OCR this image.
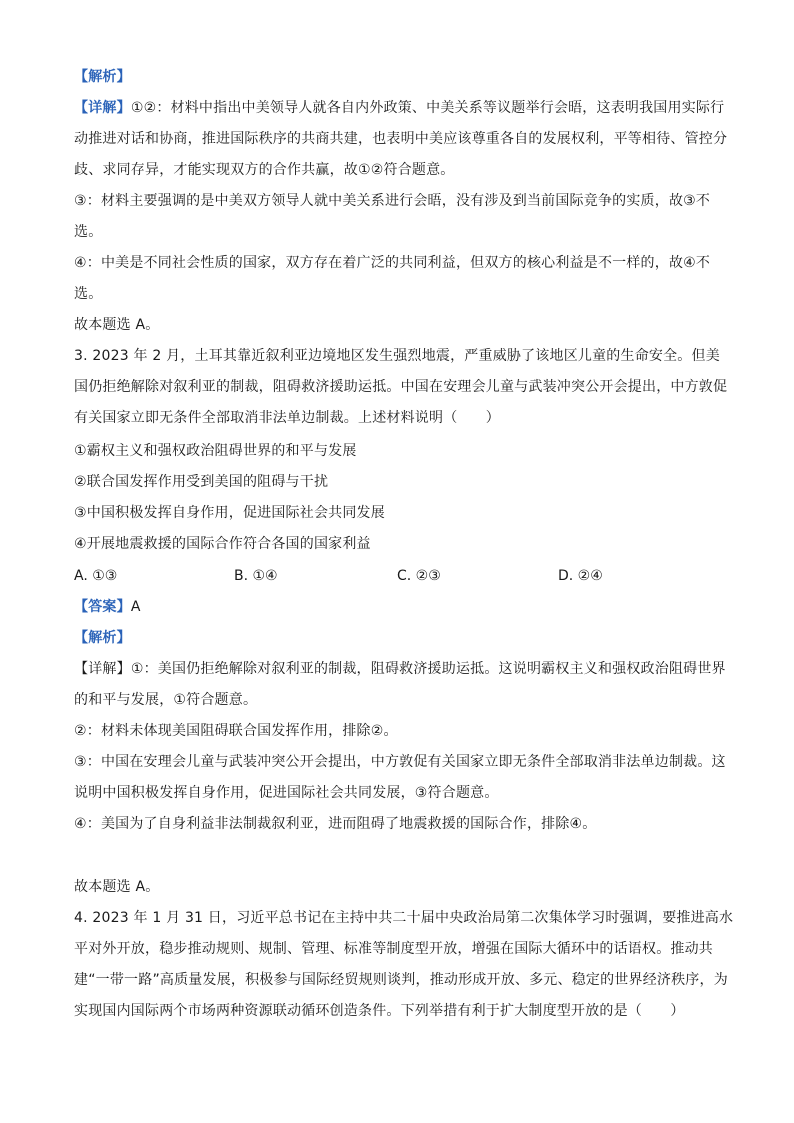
【解析】
【详解】①②：材料中指出中美领导人就各自内外政策、中美关系等议题举行会晤，这表明我国用实际行动推进对话和协商，推进国际秩序的共商共建，也表明中美应该尊重各自的发展权利，平等相待、管控分歧、求同存异，才能实现双方的合作共赢，故①②符合题意。
③：材料主要强调的是中美双方领导人就中美关系进行会晤，没有涉及到当前国际竞争的实质，故③不选。
④：中美是不同社会性质的国家，双方存在着广泛的共同利益，但双方的核心利益是不一样的，故④不选。
故本题选 A。
3. 2023 年 2 月，土耳其靠近叙利亚边境地区发生强烈地震，严重威胁了该地区儿童的生命安全。但美国仍拒绝解除对叙利亚的制裁，阻碍救济援助运抵。中国在安理会儿童与武装冲突公开会提出，中方敦促有关国家立即无条件全部取消非法单边制裁。上述材料说明（　　）
①霸权主义和强权政治阻碍世界的和平与发展
②联合国发挥作用受到美国的阻碍与干扰
③中国积极发挥自身作用，促进国际社会共同发展
④开展地震救援的国际合作符合各国的国家利益
A. ①③	B. ①④	C. ②③	D. ②④
【答案】A
【解析】
【详解】①：美国仍拒绝解除对叙利亚的制裁，阻碍救济援助运抵。这说明霸权主义和强权政治阻碍世界的和平与发展，①符合题意。
②：材料未体现美国阻碍联合国发挥作用，排除②。
③：中国在安理会儿童与武装冲突公开会提出，中方敦促有关国家立即无条件全部取消非法单边制裁。这说明中国积极发挥自身作用，促进国际社会共同发展，③符合题意。
④：美国为了自身利益非法制裁叙利亚，进而阻碍了地震救援的国际合作，排除④。
故本题选 A。
4. 2023 年 1 月 31 日，习近平总书记在主持中共二十届中央政治局第二次集体学习时强调，要推进高水平对外开放，稳步推动规则、规制、管理、标准等制度型开放，增强在国际大循环中的话语权。推动共建“一带一路”高质量发展，积极参与国际经贸规则谈判，推动形成开放、多元、稳定的世界经济秩序，为实现国内国际两个市场两种资源联动循环创造条件。下列举措有利于扩大制度型开放的是（　　）
